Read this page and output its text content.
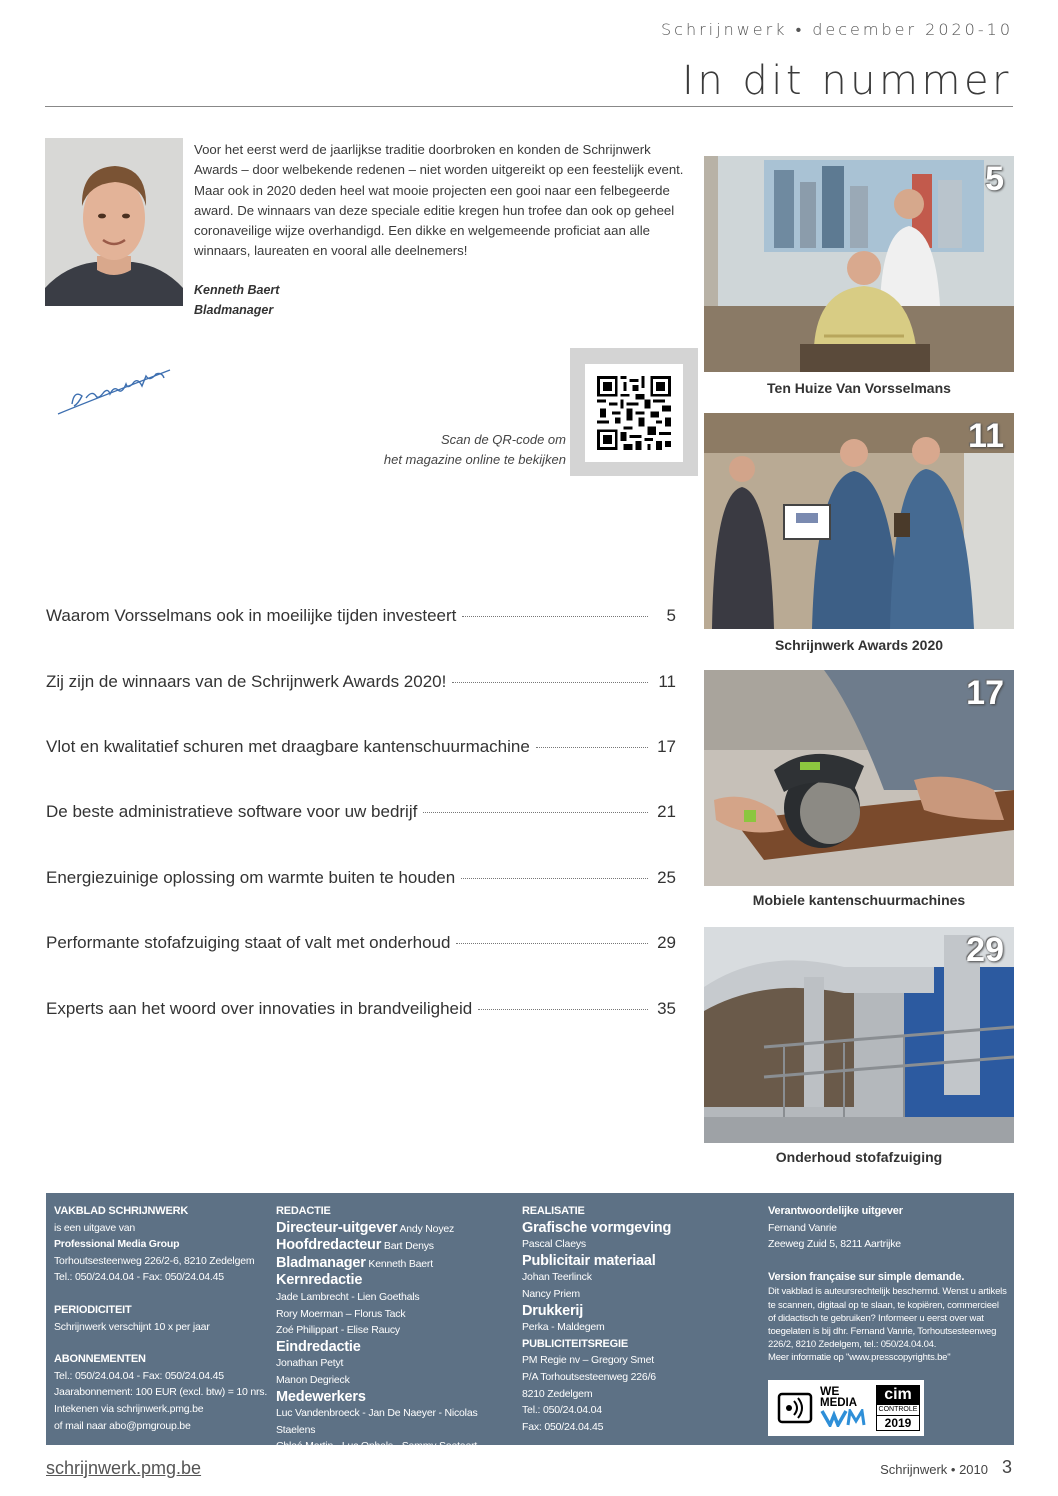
Schrijnwerk • december 2020-10
In dit nummer

Voor het eerst werd de jaarlijkse traditie doorbroken en konden de Schrijnwerk Awards – door welbekende redenen – niet worden uitgereikt op een feestelijk event. Maar ook in 2020 deden heel wat mooie projecten een gooi naar een felbegeerde award. De winnaars van deze speciale editie kregen hun trofee dan ook op geheel coronaveilige wijze overhandigd. Een dikke en welgemeende proficiat aan alle winnaars, laureaten en vooral alle deelnemers!

Kenneth Baert
Bladmanager
Scan de QR-code om
het magazine online te bekijken
Waarom Vorsselmans ook in moeilijke tijden investeert	5
Zij zijn de winnaars van de Schrijnwerk Awards 2020!	11
Vlot en kwalitatief schuren met draagbare kantenschuurmachine	17
De beste administratieve software voor uw bedrijf	21
Energiezuinige oplossing om warmte buiten te houden	25
Performante stofafzuiging staat of valt met onderhoud	29
Experts aan het woord over innovaties in brandveiligheid	35
5
Ten Huize Van Vorsselmans
11
Schrijnwerk Awards 2020
17
Mobiele kantenschuurmachines
29
Onderhoud stofafzuiging
VAKBLAD SCHRIJNWERK
is een uitgave van
Professional Media Group
Torhoutsesteenweg 226/2-6, 8210 Zedelgem
Tel.: 050/24.04.04 - Fax: 050/24.04.45
PERIODICITEIT
Schrijnwerk verschijnt 10 x per jaar
ABONNEMENTEN
Tel.: 050/24.04.04 - Fax: 050/24.04.45
Jaarabonnement: 100 EUR (excl. btw) = 10 nrs.
Intekenen via schrijnwerk.pmg.be
of mail naar abo@pmgroup.be
REDACTIE
Directeur-uitgever Andy Noyez
Hoofdredacteur Bart Denys
Bladmanager Kenneth Baert
Kernredactie
Jade Lambrecht - Lien Goethals
Rory Moerman – Florus Tack
Zoé Philippart - Elise Raucy
Eindredactie
Jonathan Petyt
Manon Degrieck
Medewerkers
Luc Vandenbroeck - Jan De Naeyer - Nicolas Staelens
Chloé Martin - Luc Ophals - Sammy Soetaert
REALISATIE
Grafische vormgeving
Pascal Claeys
Publicitair materiaal
Johan Teerlinck
Nancy Priem
Drukkerij
Perka - Maldegem
PUBLICITEITSREGIE
PM Regie nv – Gregory Smet
P/A Torhoutsesteenweg 226/6
8210 Zedelgem
Tel.: 050/24.04.04
Fax: 050/24.04.45
Verantwoordelijke uitgever
Fernand Vanrie
Zeeweg Zuid 5, 8211 Aartrijke
Version française sur simple demande.
Dit vakblad is auteursrechtelijk beschermd. Wenst u artikels te scannen, digitaal op te slaan, te kopiëren, commercieel of didactisch te gebruiken? Informeer u eerst over wat toegelaten is bij dhr. Fernand Vanrie, Torhoutsesteenweg 226/2, 8210 Zedelgem, tel.: 050/24.04.04.
Meer informatie op "www.presscopyrights.be"
WE
MEDIA	cim
CONTROLE
2019
schrijnwerk.pmg.be	Schrijnwerk • 2010 3
